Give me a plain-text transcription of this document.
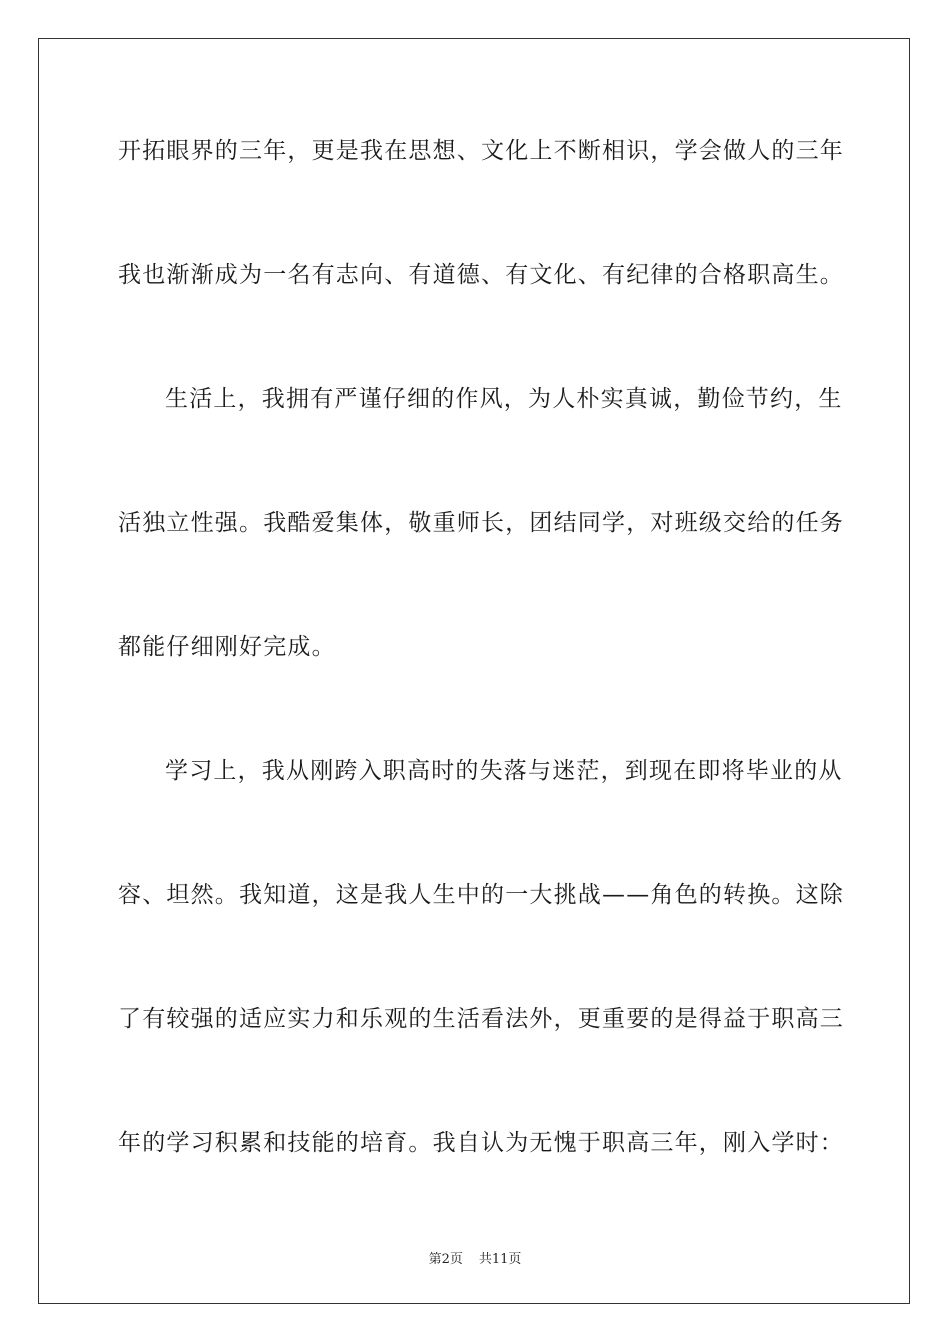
开拓眼界的三年，更是我在思想、文化上不断相识，学会做人的三年
我也渐渐成为一名有志向、有道德、有文化、有纪律的合格职高生。
生活上，我拥有严谨仔细的作风，为人朴实真诚，勤俭节约，生
活独立性强。我酷爱集体，敬重师长，团结同学，对班级交给的任务
都能仔细刚好完成。
学习上，我从刚跨入职高时的失落与迷茫，到现在即将毕业的从
容、坦然。我知道，这是我人生中的一大挑战——角色的转换。这除
了有较强的适应实力和乐观的生活看法外，更重要的是得益于职高三
年的学习积累和技能的培育。我自认为无愧于职高三年，刚入学时：
第2页 共11页
